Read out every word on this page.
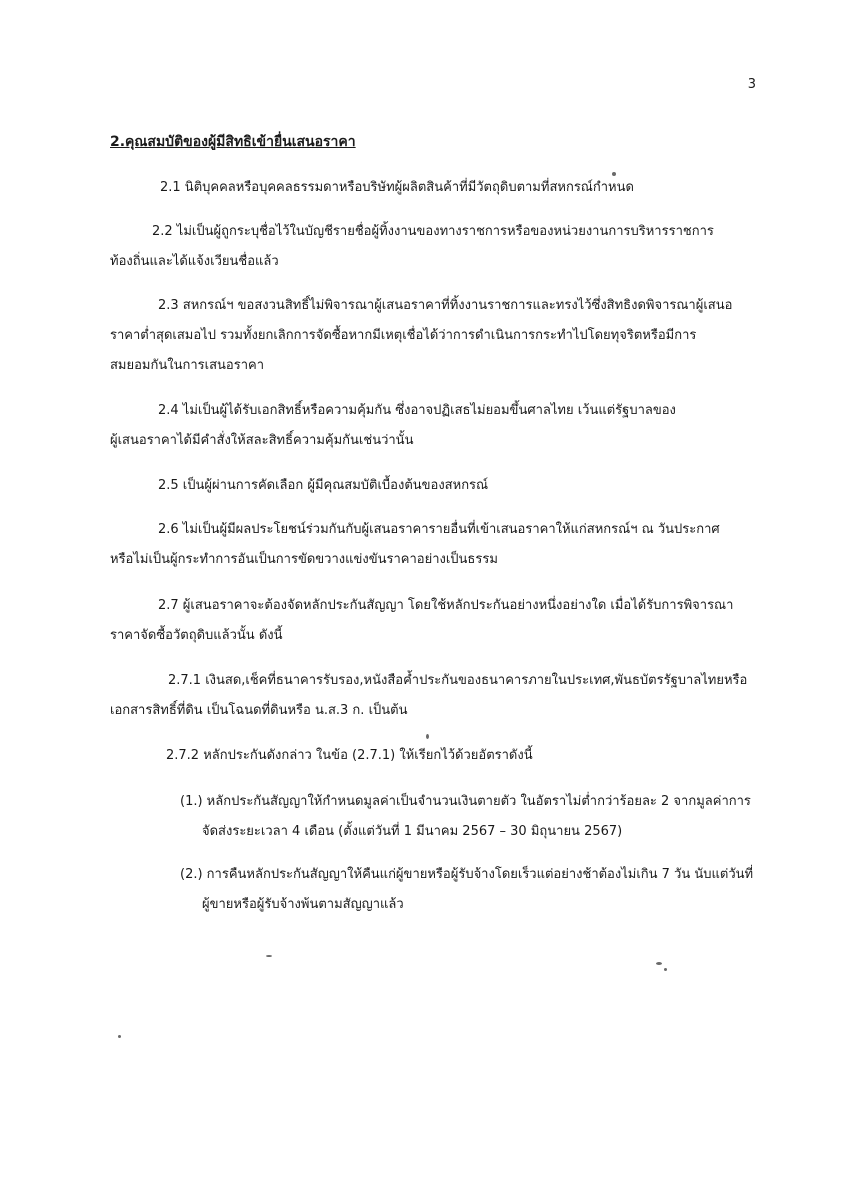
3
2.คุณสมบัติของผู้มีสิทธิเข้ายื่นเสนอราคา
2.1 นิติบุคคลหรือบุคคลธรรมดาหรือบริษัทผู้ผลิตสินค้าที่มีวัตถุดิบตามที่สหกรณ์กำหนด
2.2 ไม่เป็นผู้ถูกระบุชื่อไว้ในบัญชีรายชื่อผู้ทิ้งงานของทางราชการหรือของหน่วยงานการบริหารราชการ
ท้องถิ่นและได้แจ้งเวียนชื่อแล้ว
2.3 สหกรณ์ฯ ขอสงวนสิทธิ์ไม่พิจารณาผู้เสนอราคาที่ทิ้งงานราชการและทรงไว้ซึ่งสิทธิงดพิจารณาผู้เสนอ
ราคาต่ำสุดเสมอไป รวมทั้งยกเลิกการจัดซื้อหากมีเหตุเชื่อได้ว่าการดำเนินการกระทำไปโดยทุจริตหรือมีการ
สมยอมกันในการเสนอราคา
2.4 ไม่เป็นผู้ได้รับเอกสิทธิ์หรือความคุ้มกัน ซึ่งอาจปฏิเสธไม่ยอมขึ้นศาลไทย เว้นแต่รัฐบาลของ
ผู้เสนอราคาได้มีคำสั่งให้สละสิทธิ์ความคุ้มกันเช่นว่านั้น
2.5 เป็นผู้ผ่านการคัดเลือก ผู้มีคุณสมบัติเบื้องต้นของสหกรณ์
2.6 ไม่เป็นผู้มีผลประโยชน์ร่วมกันกับผู้เสนอราคารายอื่นที่เข้าเสนอราคาให้แก่สหกรณ์ฯ ณ วันประกาศ
หรือไม่เป็นผู้กระทำการอันเป็นการขัดขวางแข่งขันราคาอย่างเป็นธรรม
2.7 ผู้เสนอราคาจะต้องจัดหลักประกันสัญญา โดยใช้หลักประกันอย่างหนึ่งอย่างใด เมื่อได้รับการพิจารณา
ราคาจัดซื้อวัตถุดิบแล้วนั้น ดังนี้
2.7.1 เงินสด,เช็คที่ธนาคารรับรอง,หนังสือค้ำประกันของธนาคารภายในประเทศ,พันธบัตรรัฐบาลไทยหรือ
เอกสารสิทธิ์ที่ดิน เป็นโฉนดที่ดินหรือ น.ส.3 ก. เป็นต้น
2.7.2 หลักประกันดังกล่าว ในข้อ (2.7.1) ให้เรียกไว้ด้วยอัตราดังนี้
(1.) หลักประกันสัญญาให้กำหนดมูลค่าเป็นจำนวนเงินตายตัว ในอัตราไม่ต่ำกว่าร้อยละ 2 จากมูลค่าการ
จัดส่งระยะเวลา 4 เดือน (ตั้งแต่วันที่ 1 มีนาคม 2567 – 30 มิถุนายน 2567)
(2.) การคืนหลักประกันสัญญาให้คืนแก่ผู้ขายหรือผู้รับจ้างโดยเร็วแต่อย่างช้าต้องไม่เกิน 7 วัน นับแต่วันที่
ผู้ขายหรือผู้รับจ้างพ้นตามสัญญาแล้ว
